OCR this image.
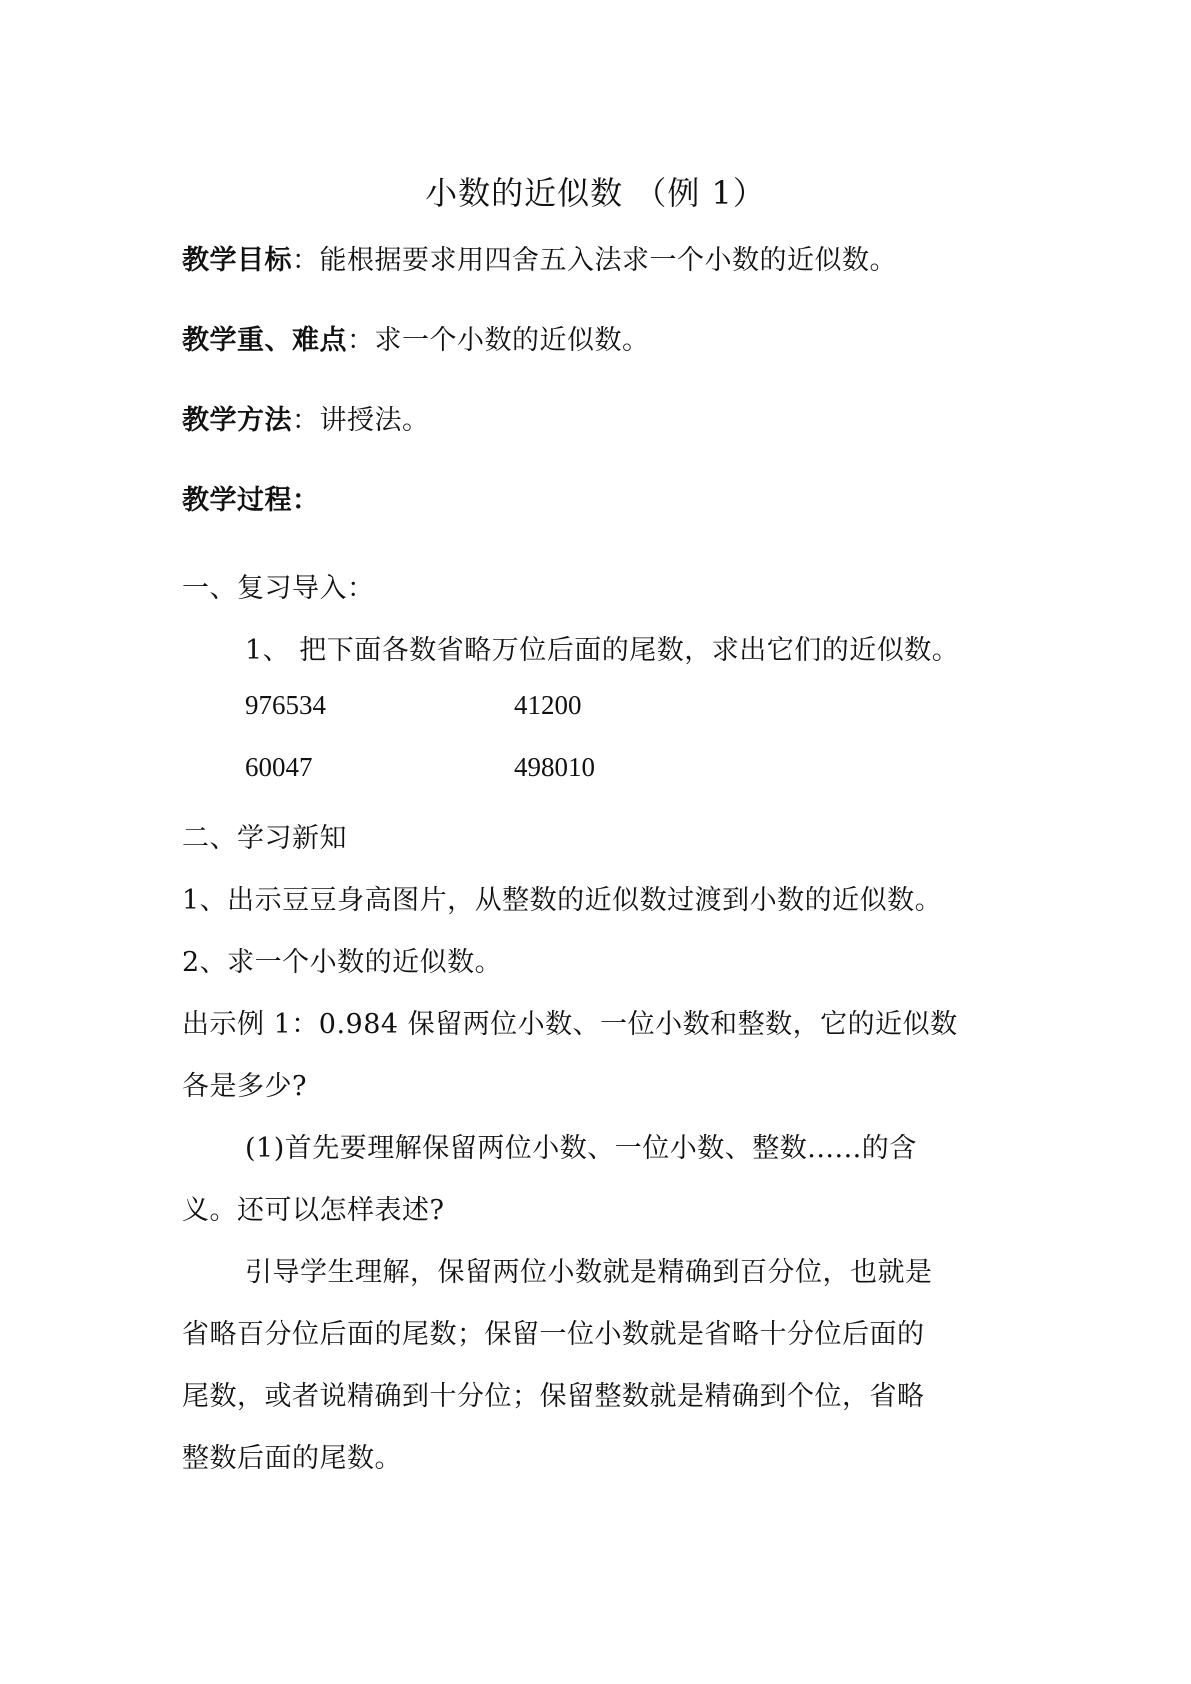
小数的近似数 （例 1）
教学目标：能根据要求用四舍五入法求一个小数的近似数。
教学重、难点：求一个小数的近似数。
教学方法：讲授法。
教学过程：
一、复习导入：
1、 把下面各数省略万位后面的尾数，求出它们的近似数。
976534	41200
60047	498010
二、学习新知
1、出示豆豆身高图片，从整数的近似数过渡到小数的近似数。
2、求一个小数的近似数。
出示例 1：0.984 保留两位小数、一位小数和整数，它的近似数
各是多少?
(1)首先要理解保留两位小数、一位小数、整数......的含
义。还可以怎样表述?
引导学生理解，保留两位小数就是精确到百分位，也就是
省略百分位后面的尾数；保留一位小数就是省略十分位后面的
尾数，或者说精确到十分位；保留整数就是精确到个位，省略
整数后面的尾数。
